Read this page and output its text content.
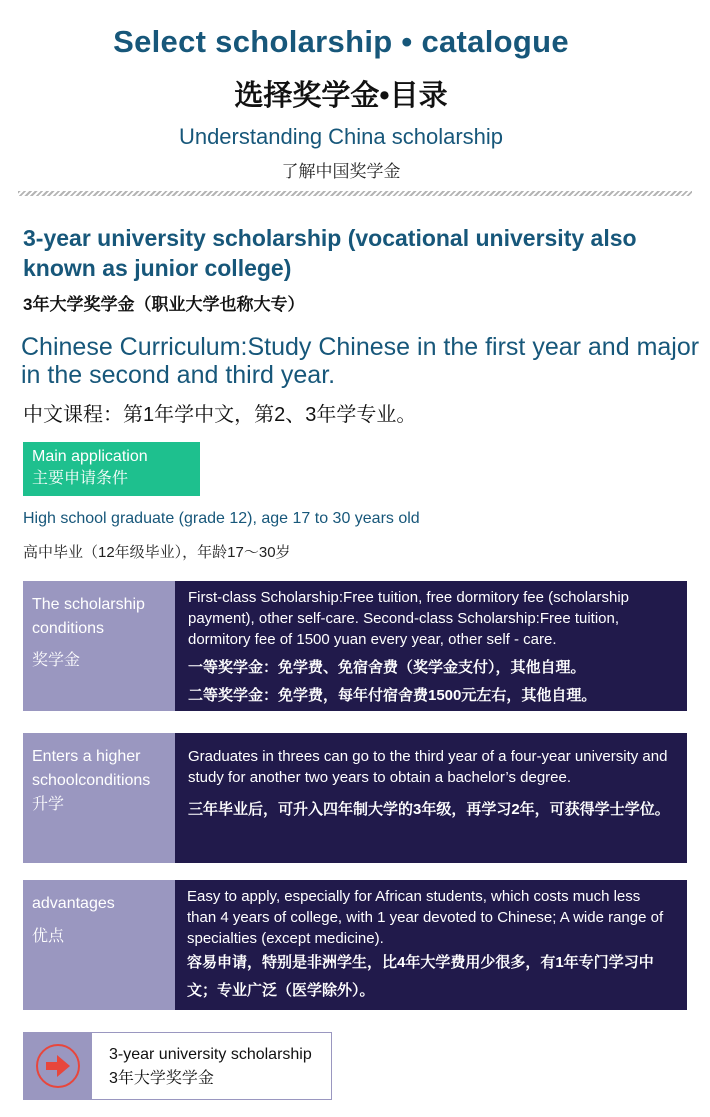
Select scholarship • catalogue
选择奖学金•目录
Understanding China scholarship
了解中国奖学金
3-year university scholarship (vocational university also known as junior college)
3年大学奖学金（职业大学也称大专）
Chinese Curriculum:Study Chinese in the first year and major in the second and third year.
中文课程：第1年学中文，第2、3年学专业。
Main application
主要申请条件
High school graduate (grade 12), age 17 to 30 years old
高中毕业（12年级毕业），年龄17～30岁
The scholarship conditions
奖学金
First-class Scholarship:Free tuition, free dormitory fee (scholarship payment), other self-care. Second-class Scholarship:Free tuition, dormitory fee of 1500 yuan every year, other self - care.
一等奖学金：免学费、免宿舍费（奖学金支付），其他自理。
二等奖学金：免学费，每年付宿舍费1500元左右，其他自理。
Enters a higher schoolconditions
升学
Graduates in threes can go to the third year of a four-year university and study for another two years to obtain a bachelor’s degree.
三年毕业后，可升入四年制大学的3年级，再学习2年，可获得学士学位。
advantages
优点
Easy to apply, especially for African students, which costs much less than 4 years of college, with 1 year devoted to Chinese; A wide range of specialties (except medicine).
容易申请，特别是非洲学生，比4年大学费用少很多，有1年专门学习中文；专业广泛（医学除外）。
3-year university scholarship
3年大学奖学金
